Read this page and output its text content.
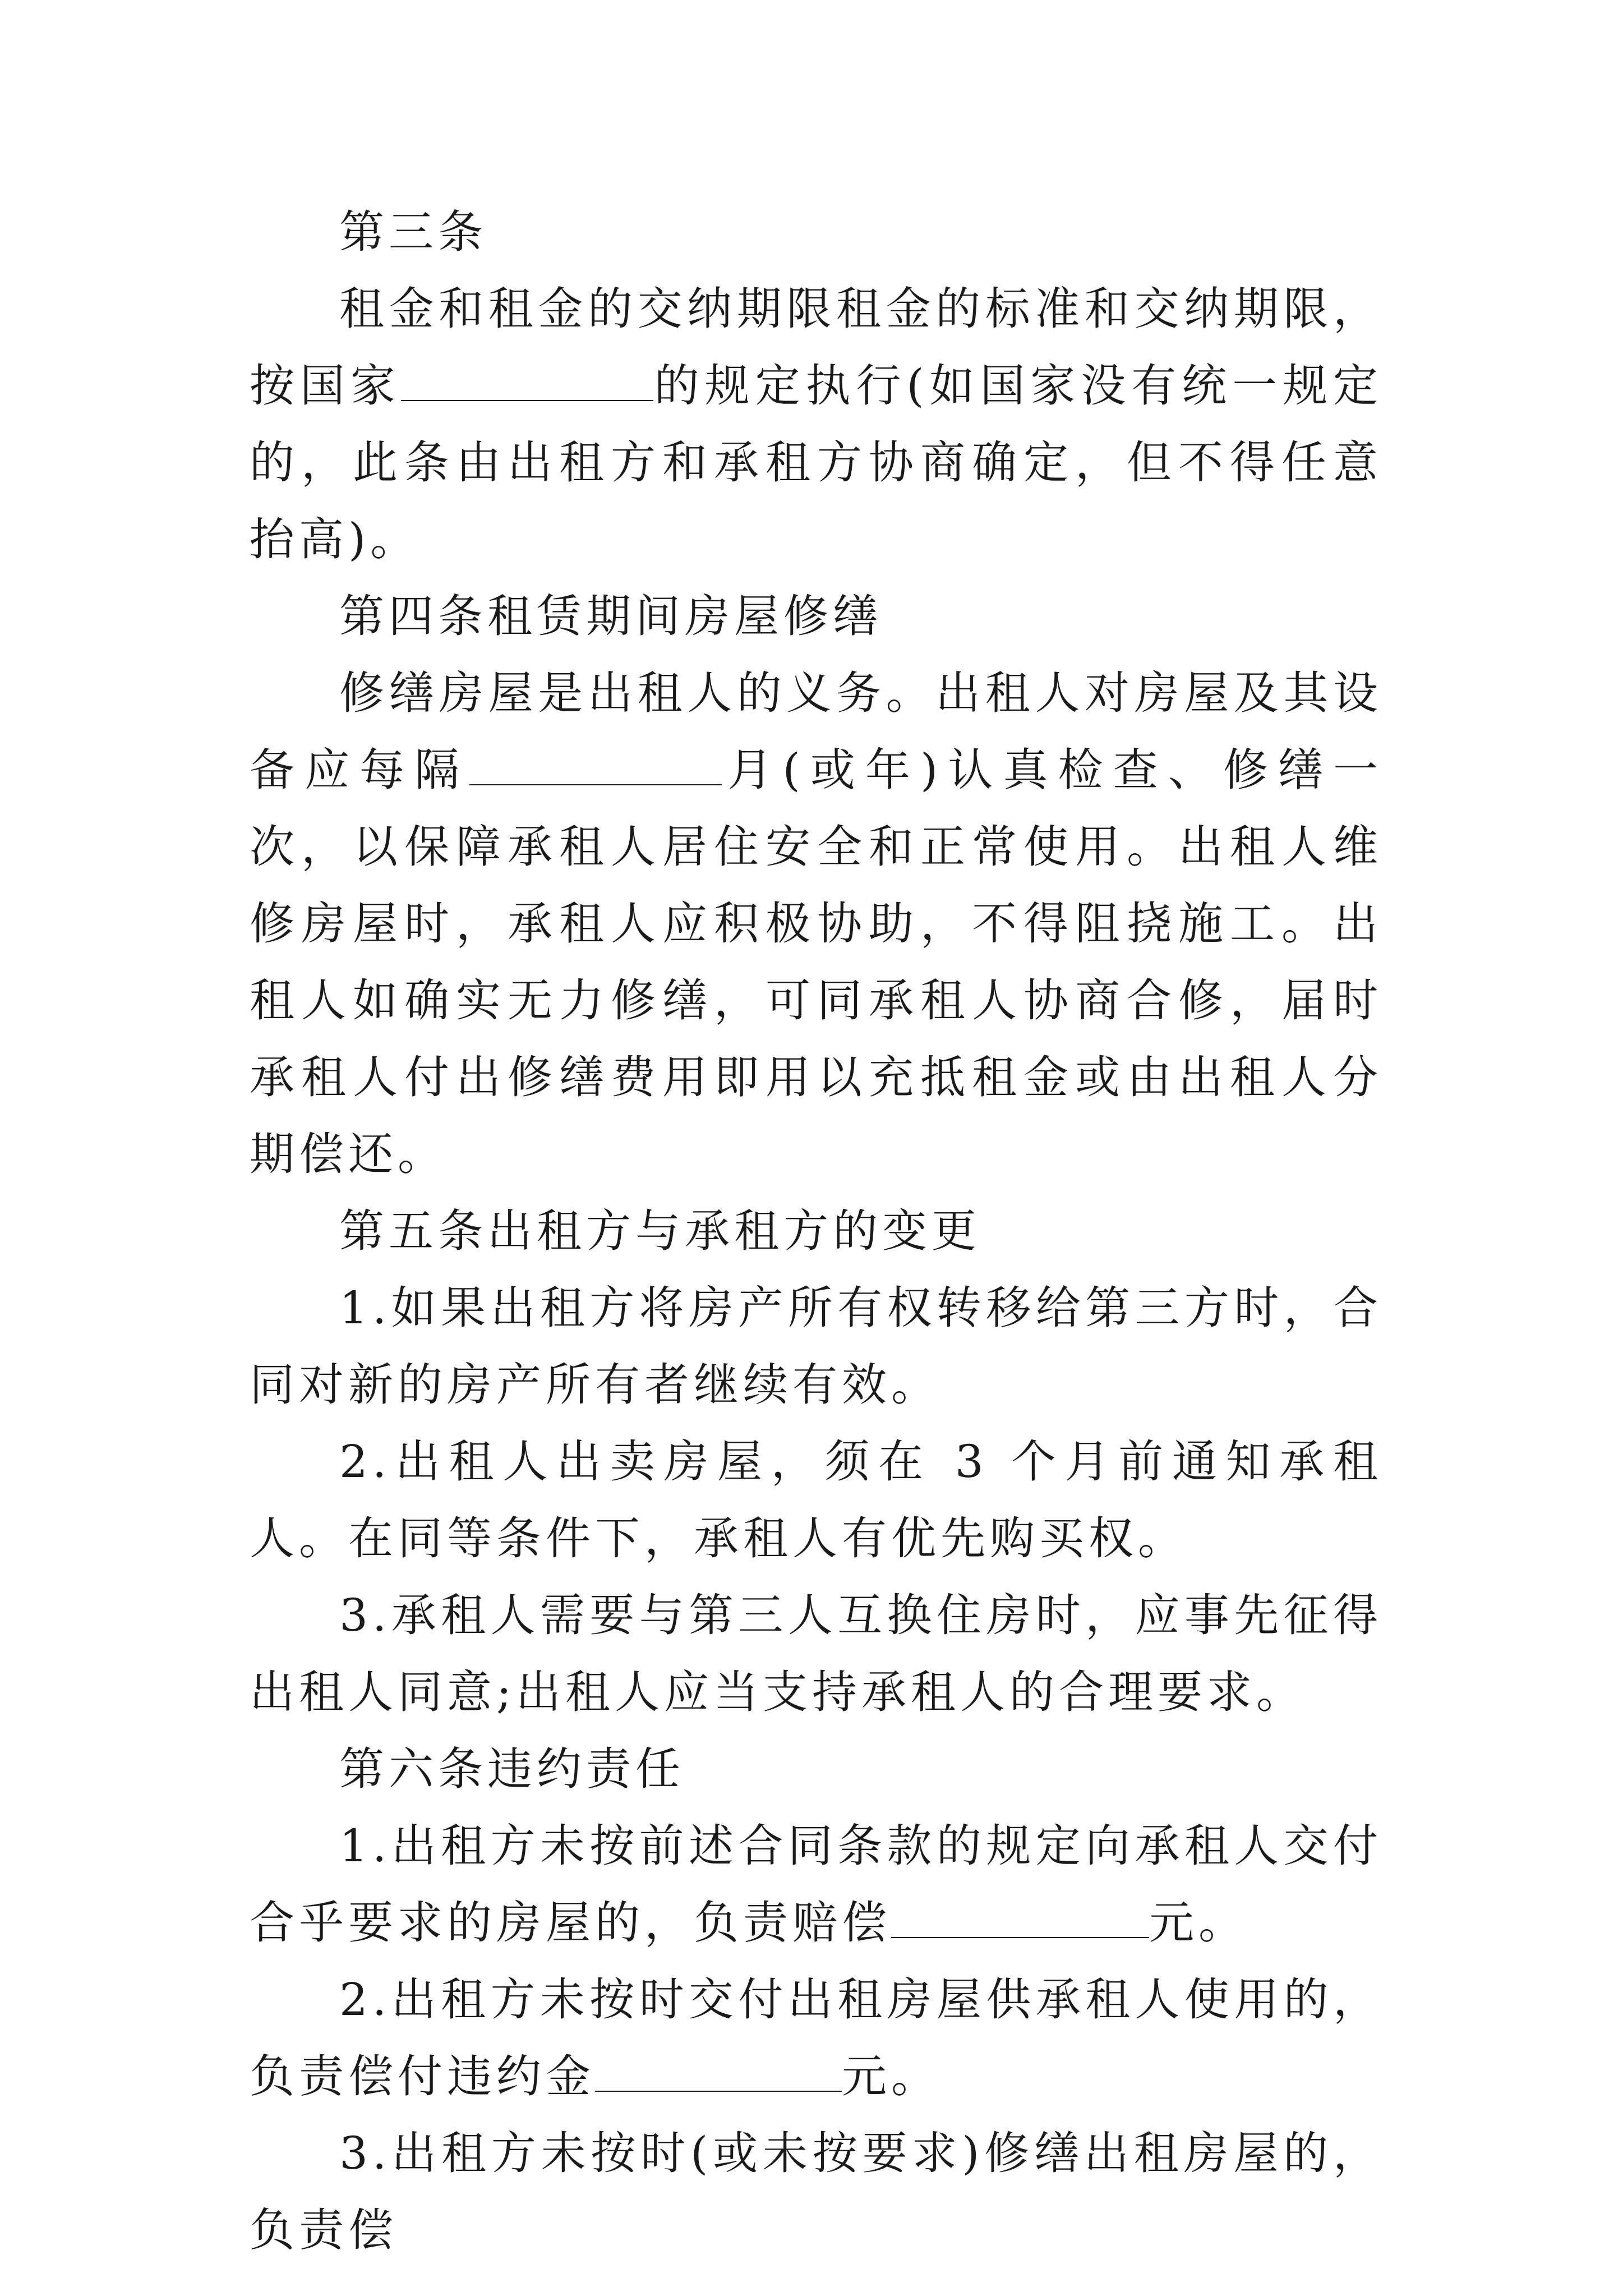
第三条

租金和租金的交纳期限租金的标准和交纳期限，按国家	的规定执行(如国家没有统一规定的，此条由出租方和承租方协商确定，但不得任意抬高)。

第四条租赁期间房屋修缮

修缮房屋是出租人的义务。出租人对房屋及其设备应每隔	月(或年)认真检查、修缮一次，以保障承租人居住安全和正常使用。出租人维修房屋时，承租人应积极协助，不得阻挠施工。出租人如确实无力修缮，可同承租人协商合修，届时承租人付出修缮费用即用以充抵租金或由出租人分期偿还。

第五条出租方与承租方的变更

1.如果出租方将房产所有权转移给第三方时，合同对新的房产所有者继续有效。

2.出租人出卖房屋，须在 3 个月前通知承租人。在同等条件下，承租人有优先购买权。

3.承租人需要与第三人互换住房时，应事先征得出租人同意;出租人应当支持承租人的合理要求。

第六条违约责任

1.出租方未按前述合同条款的规定向承租人交付合乎要求的房屋的，负责赔偿	元。

2.出租方未按时交付出租房屋供承租人使用的，负责偿付违约金	元。

3.出租方未按时(或未按要求)修缮出租房屋的，负责偿
